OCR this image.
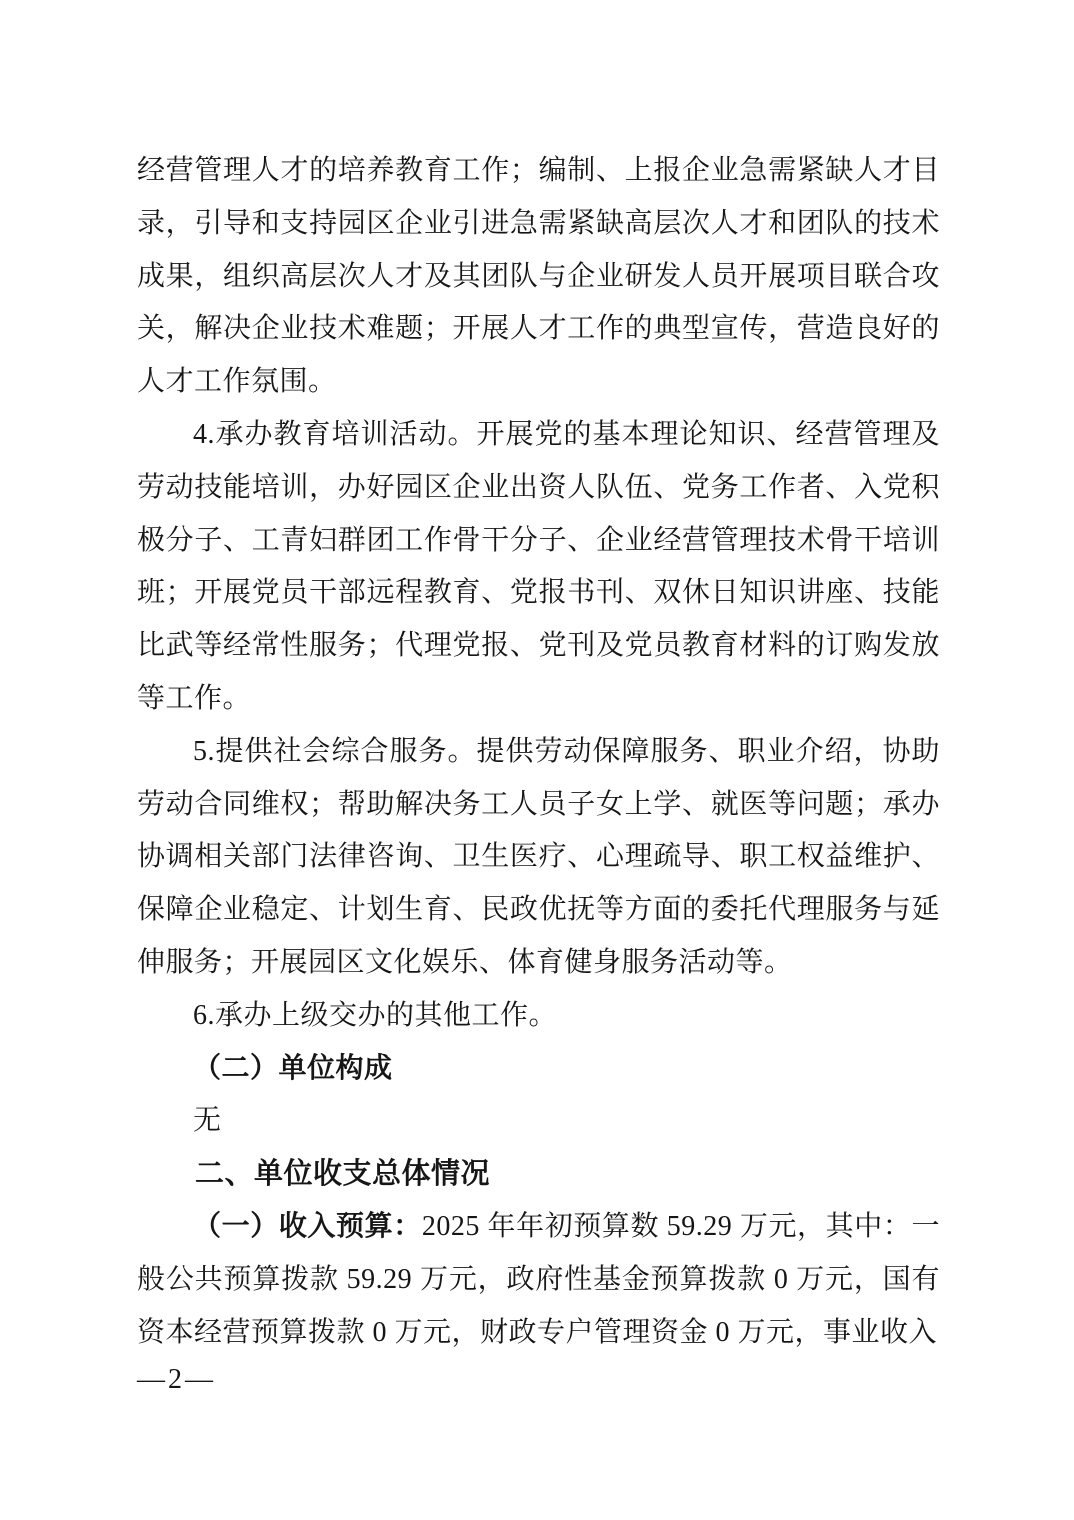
经营管理人才的培养教育工作；编制、上报企业急需紧缺人才目录，引导和支持园区企业引进急需紧缺高层次人才和团队的技术成果，组织高层次人才及其团队与企业研发人员开展项目联合攻关，解决企业技术难题；开展人才工作的典型宣传，营造良好的人才工作氛围。

4.承办教育培训活动。开展党的基本理论知识、经营管理及劳动技能培训，办好园区企业出资人队伍、党务工作者、入党积极分子、工青妇群团工作骨干分子、企业经营管理技术骨干培训班；开展党员干部远程教育、党报书刊、双休日知识讲座、技能比武等经常性服务；代理党报、党刊及党员教育材料的订购发放等工作。

5.提供社会综合服务。提供劳动保障服务、职业介绍，协助劳动合同维权；帮助解决务工人员子女上学、就医等问题；承办协调相关部门法律咨询、卫生医疗、心理疏导、职工权益维护、保障企业稳定、计划生育、民政优抚等方面的委托代理服务与延伸服务；开展园区文化娱乐、体育健身服务活动等。

6.承办上级交办的其他工作。

（二）单位构成

无

二、单位收支总体情况

（一）收入预算：2025 年年初预算数 59.29 万元，其中：一般公共预算拨款 59.29 万元，政府性基金预算拨款 0 万元，国有资本经营预算拨款 0 万元，财政专户管理资金 0 万元，事业收入

—2—
